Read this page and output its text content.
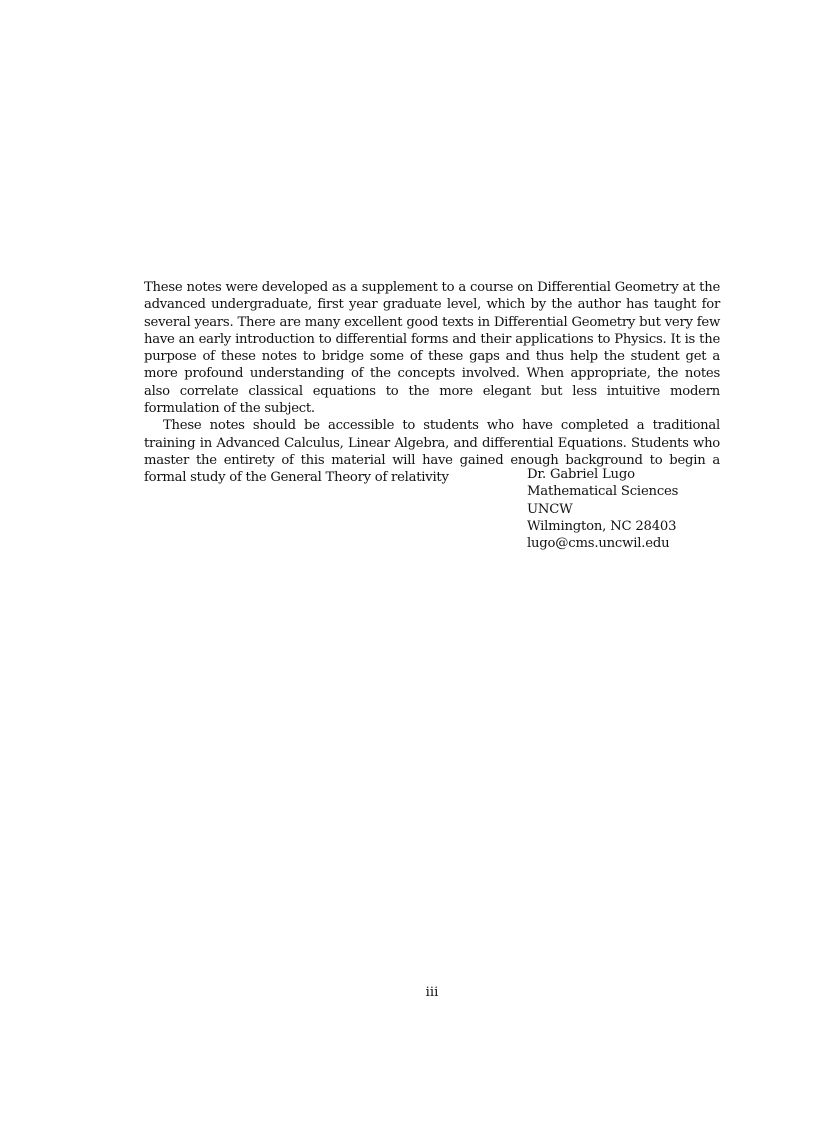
These notes were developed as a supplement to a course on Differential Geometry at the advanced undergraduate, first year graduate level, which by the author has taught for several years. There are many excellent good texts in Differential Geometry but very few have an early introduction to differential forms and their applications to Physics. It is the purpose of these notes to bridge some of these gaps and thus help the student get a more profound understanding of the concepts involved. When appropriate, the notes also correlate classical equations to the more elegant but less intuitive modern formulation of the subject.

These notes should be accessible to students who have completed a traditional training in Advanced Calculus, Linear Algebra, and differential Equations. Students who master the entirety of this material will have gained enough background to begin a formal study of the General Theory of relativity	Dr. Gabriel Lugo
Mathematical Sciences
UNCW
Wilmington, NC 28403
lugo@cms.uncwil.edu
iii
